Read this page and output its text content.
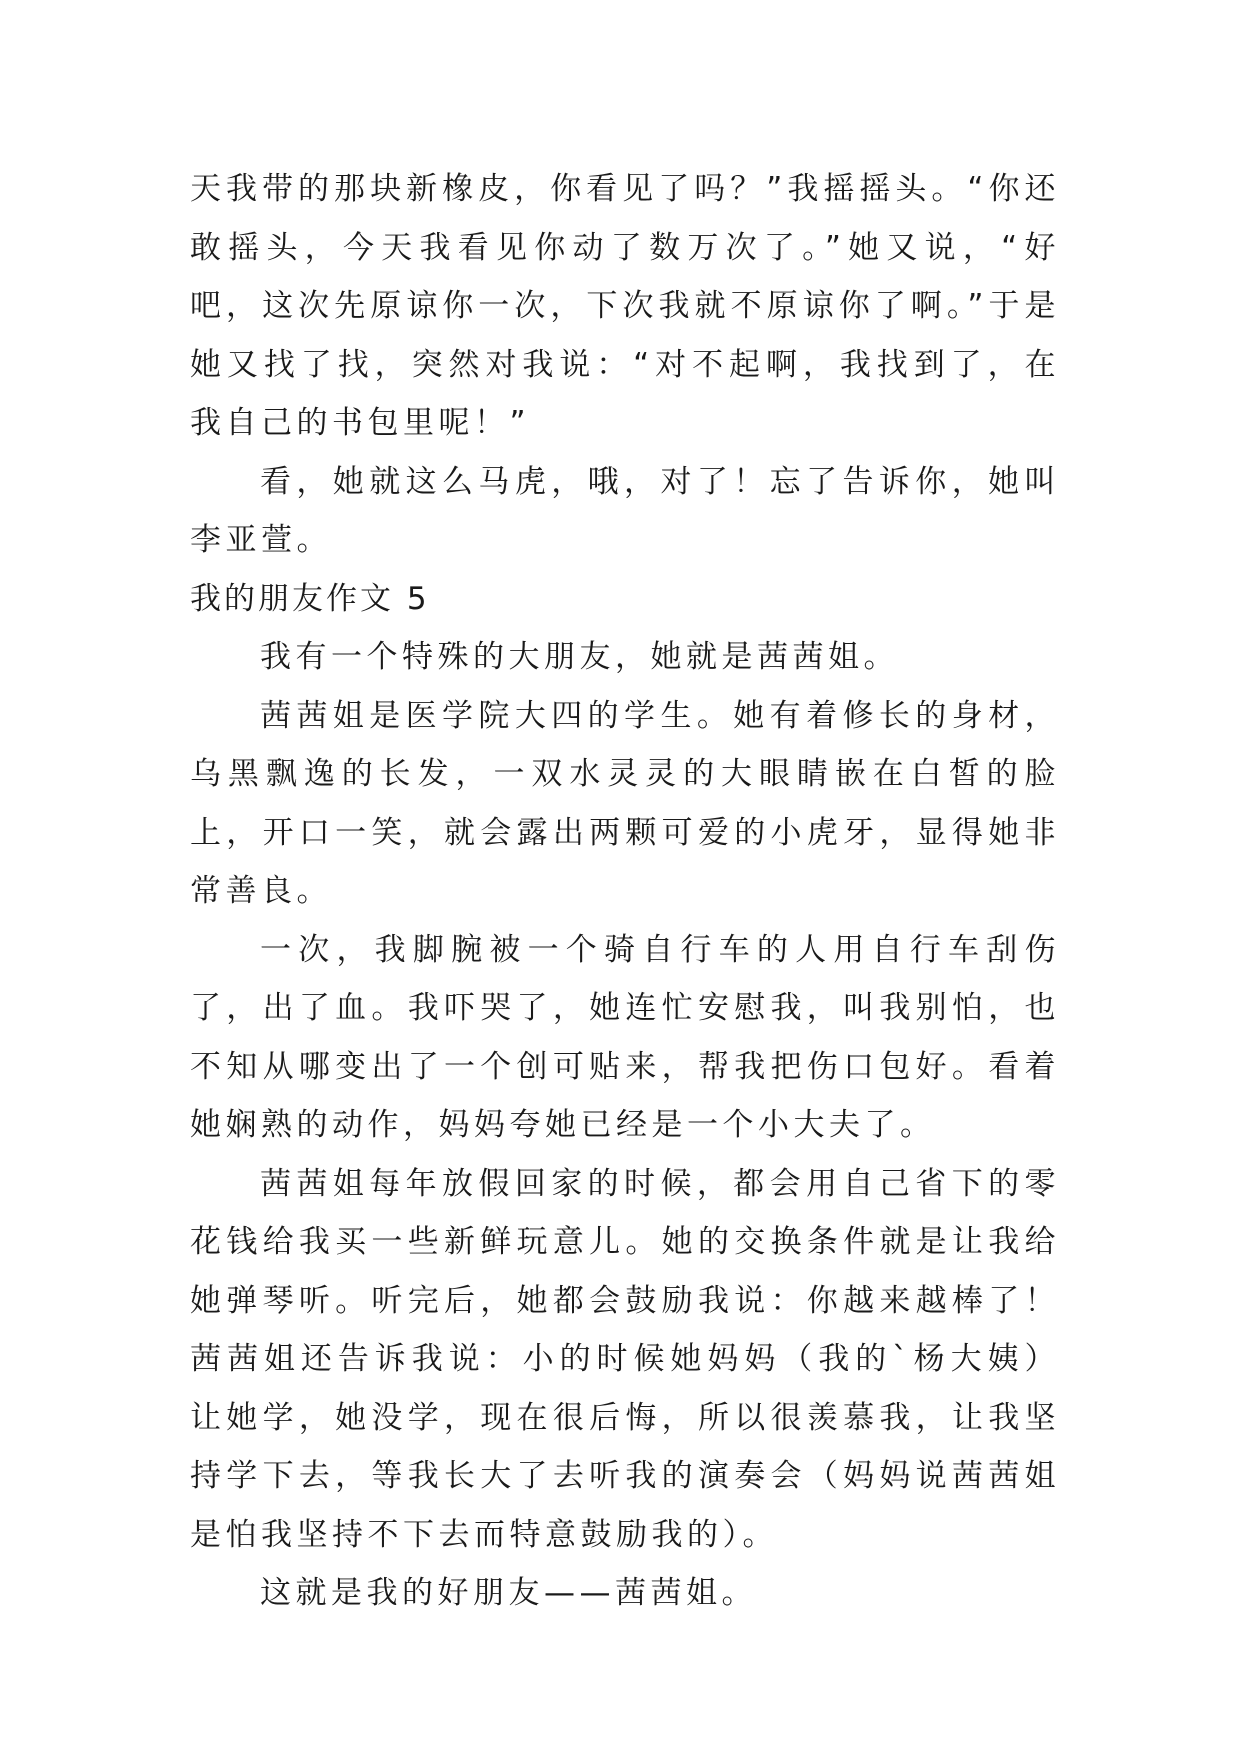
天我带的那块新橡皮，你看见了吗？”我摇摇头。“你还敢摇头，今天我看见你动了数万次了。”她又说，“好吧，这次先原谅你一次，下次我就不原谅你了啊。”于是她又找了找，突然对我说：“对不起啊，我找到了，在我自己的书包里呢！”

看，她就这么马虎，哦，对了！忘了告诉你，她叫李亚萱。

我的朋友作文 5

我有一个特殊的大朋友，她就是茜茜姐。

茜茜姐是医学院大四的学生。她有着修长的身材，乌黑飘逸的长发，一双水灵灵的大眼睛嵌在白皙的脸上，开口一笑，就会露出两颗可爱的小虎牙，显得她非常善良。

一次，我脚腕被一个骑自行车的人用自行车刮伤了，出了血。我吓哭了，她连忙安慰我，叫我别怕，也不知从哪变出了一个创可贴来，帮我把伤口包好。看着她娴熟的动作，妈妈夸她已经是一个小大夫了。

茜茜姐每年放假回家的时候，都会用自己省下的零花钱给我买一些新鲜玩意儿。她的交换条件就是让我给她弹琴听。听完后，她都会鼓励我说：你越来越棒了！茜茜姐还告诉我说：小的时候她妈妈（我的`杨大姨）让她学，她没学，现在很后悔，所以很羡慕我，让我坚持学下去，等我长大了去听我的演奏会（妈妈说茜茜姐是怕我坚持不下去而特意鼓励我的）。

这就是我的好朋友——茜茜姐。
